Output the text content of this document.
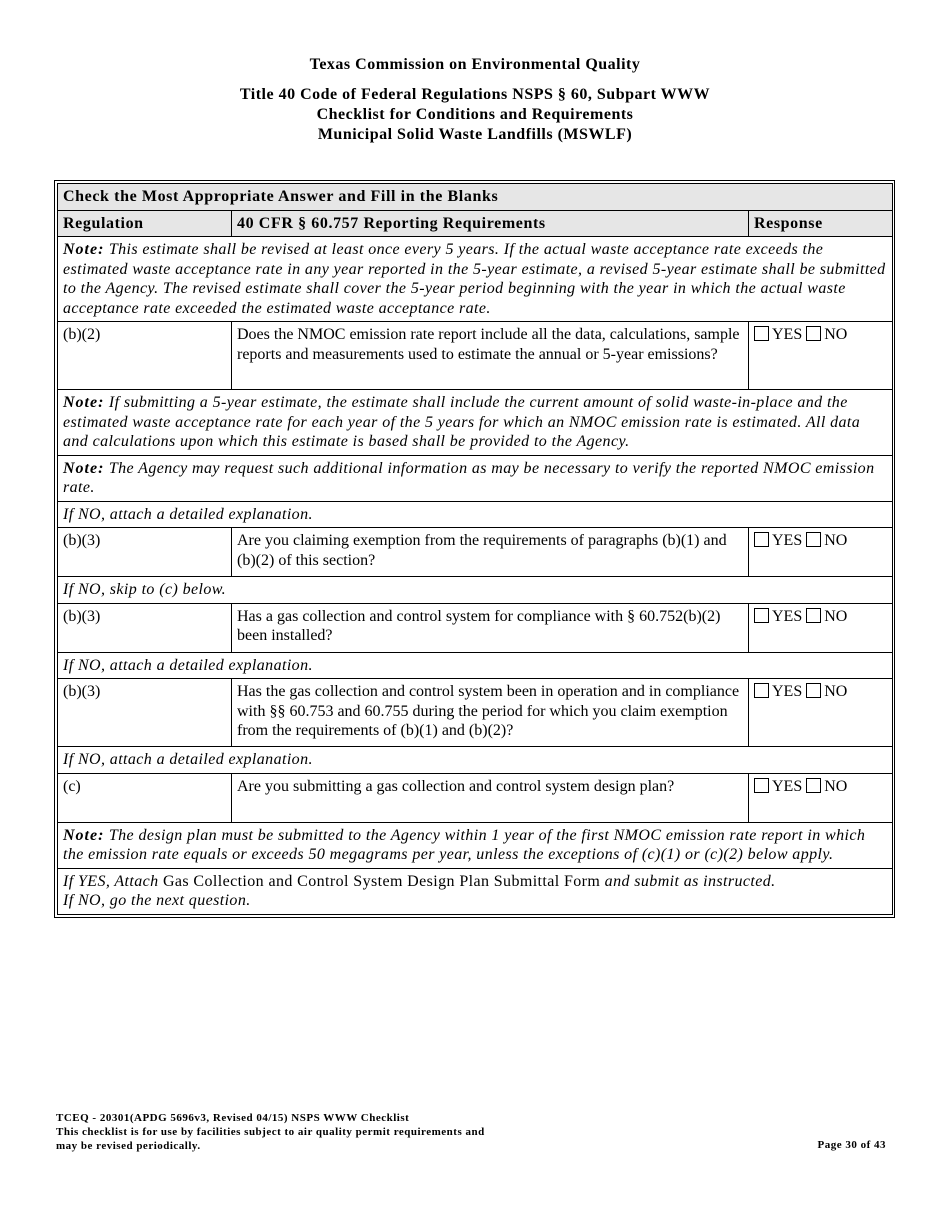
Texas Commission on Environmental Quality
Title 40 Code of Federal Regulations NSPS § 60, Subpart WWW
Checklist for Conditions and Requirements
Municipal Solid Waste Landfills (MSWLF)
Check the Most Appropriate Answer and Fill in the Blanks		
Regulation	40 CFR § 60.757 Reporting Requirements	Response
Note: This estimate shall be revised at least once every 5 years. If the actual waste acceptance rate exceeds the estimated waste acceptance rate in any year reported in the 5-year estimate, a revised 5-year estimate shall be submitted to the Agency. The revised estimate shall cover the 5-year period beginning with the year in which the actual waste acceptance rate exceeded the estimated waste acceptance rate.		
(b)(2)	Does the NMOC emission rate report include all the data, calculations, sample reports and measurements used to estimate the annual or 5-year emissions?	YES NO
Note: If submitting a 5-year estimate, the estimate shall include the current amount of solid waste-in-place and the estimated waste acceptance rate for each year of the 5 years for which an NMOC emission rate is estimated. All data and calculations upon which this estimate is based shall be provided to the Agency.		
Note: The Agency may request such additional information as may be necessary to verify the reported NMOC emission rate.		
If NO, attach a detailed explanation.		
(b)(3)	Are you claiming exemption from the requirements of paragraphs (b)(1) and (b)(2) of this section?	YES NO
If NO, skip to (c) below.		
(b)(3)	Has a gas collection and control system for compliance with § 60.752(b)(2) been installed?	YES NO
If NO, attach a detailed explanation.		
(b)(3)	Has the gas collection and control system been in operation and in compliance with §§ 60.753 and 60.755 during the period for which you claim exemption from the requirements of (b)(1) and (b)(2)?	YES NO
If NO, attach a detailed explanation.		
(c)	Are you submitting a gas collection and control system design plan?	YES NO
Note: The design plan must be submitted to the Agency within 1 year of the first NMOC emission rate report in which the emission rate equals or exceeds 50 megagrams per year, unless the exceptions of (c)(1) or (c)(2) below apply.		
If YES, Attach Gas Collection and Control System Design Plan Submittal Form and submit as instructed.
If NO, go the next question.		
TCEQ - 20301(APDG 5696v3, Revised 04/15) NSPS WWW Checklist
This checklist is for use by facilities subject to air quality permit requirements and
may be revised periodically.	Page 30 of 43
